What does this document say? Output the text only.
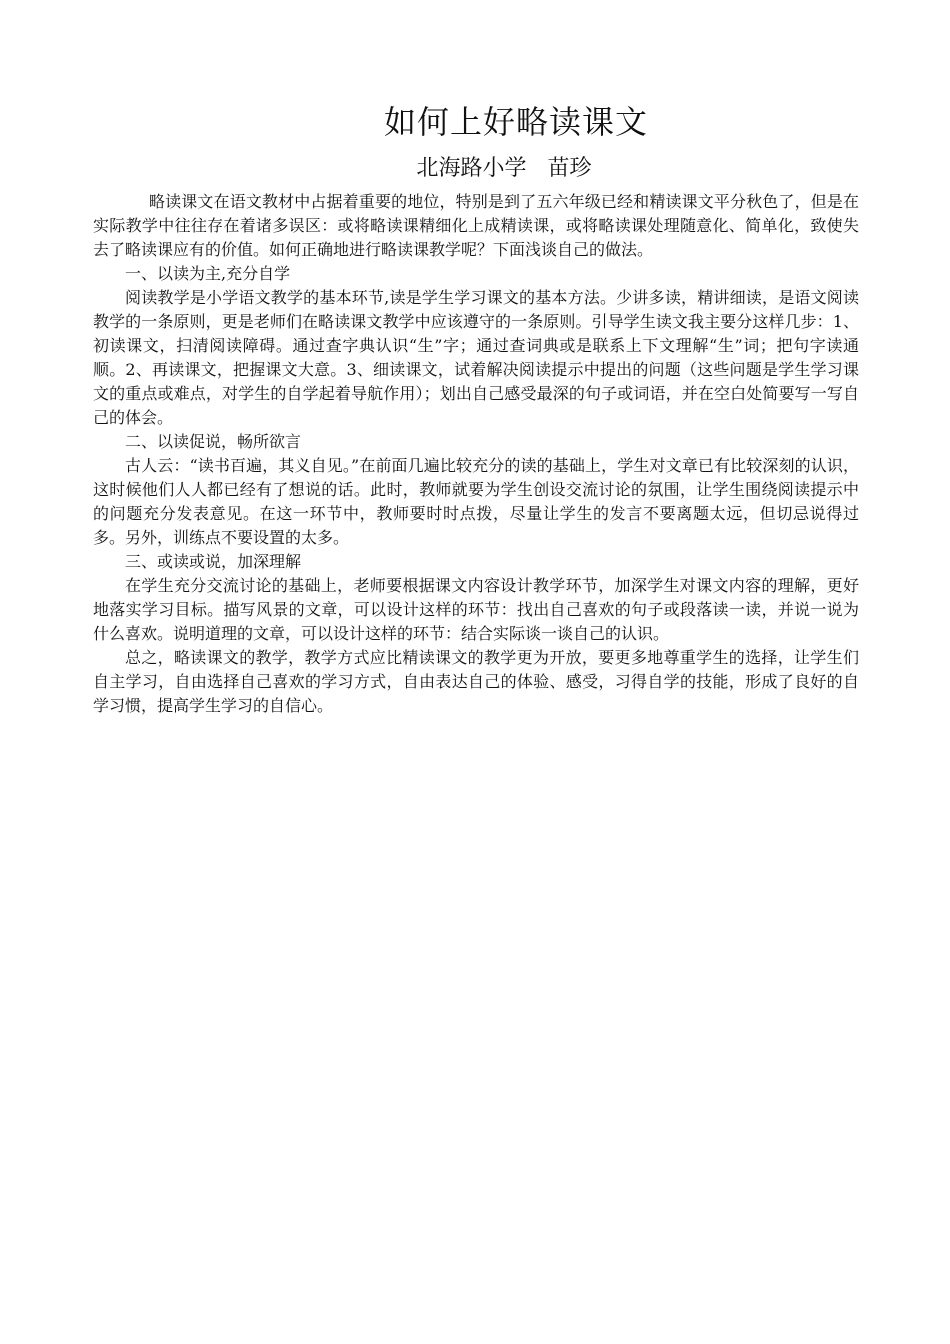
如何上好略读课文
北海路小学   苗珍

略读课文在语文教材中占据着重要的地位，特别是到了五六年级已经和精读课文平分秋色了，但是在实际教学中往往存在着诸多误区：或将略读课精细化上成精读课，或将略读课处理随意化、简单化，致使失去了略读课应有的价值。如何正确地进行略读课教学呢？下面浅谈自己的做法。

一、以读为主,充分自学

阅读教学是小学语文教学的基本环节,读是学生学习课文的基本方法。少讲多读，精讲细读，是语文阅读教学的一条原则，更是老师们在略读课文教学中应该遵守的一条原则。引导学生读文我主要分这样几步：1、初读课文，扫清阅读障碍。通过查字典认识“生”字；通过查词典或是联系上下文理解“生”词；把句字读通顺。2、再读课文，把握课文大意。3、细读课文，试着解决阅读提示中提出的问题（这些问题是学生学习课文的重点或难点，对学生的自学起着导航作用）；划出自己感受最深的句子或词语，并在空白处简要写一写自己的体会。

二、以读促说，畅所欲言

古人云：“读书百遍，其义自见。”在前面几遍比较充分的读的基础上，学生对文章已有比较深刻的认识，这时候他们人人都已经有了想说的话。此时，教师就要为学生创设交流讨论的氛围，让学生围绕阅读提示中的问题充分发表意见。在这一环节中，教师要时时点拨，尽量让学生的发言不要离题太远，但切忌说得过多。另外，训练点不要设置的太多。

三、或读或说，加深理解

在学生充分交流讨论的基础上，老师要根据课文内容设计教学环节，加深学生对课文内容的理解，更好地落实学习目标。描写风景的文章，可以设计这样的环节：找出自己喜欢的句子或段落读一读，并说一说为什么喜欢。说明道理的文章，可以设计这样的环节：结合实际谈一谈自己的认识。

总之，略读课文的教学，教学方式应比精读课文的教学更为开放，要更多地尊重学生的选择，让学生们自主学习，自由选择自己喜欢的学习方式，自由表达自己的体验、感受，习得自学的技能，形成了良好的自学习惯，提高学生学习的自信心。
